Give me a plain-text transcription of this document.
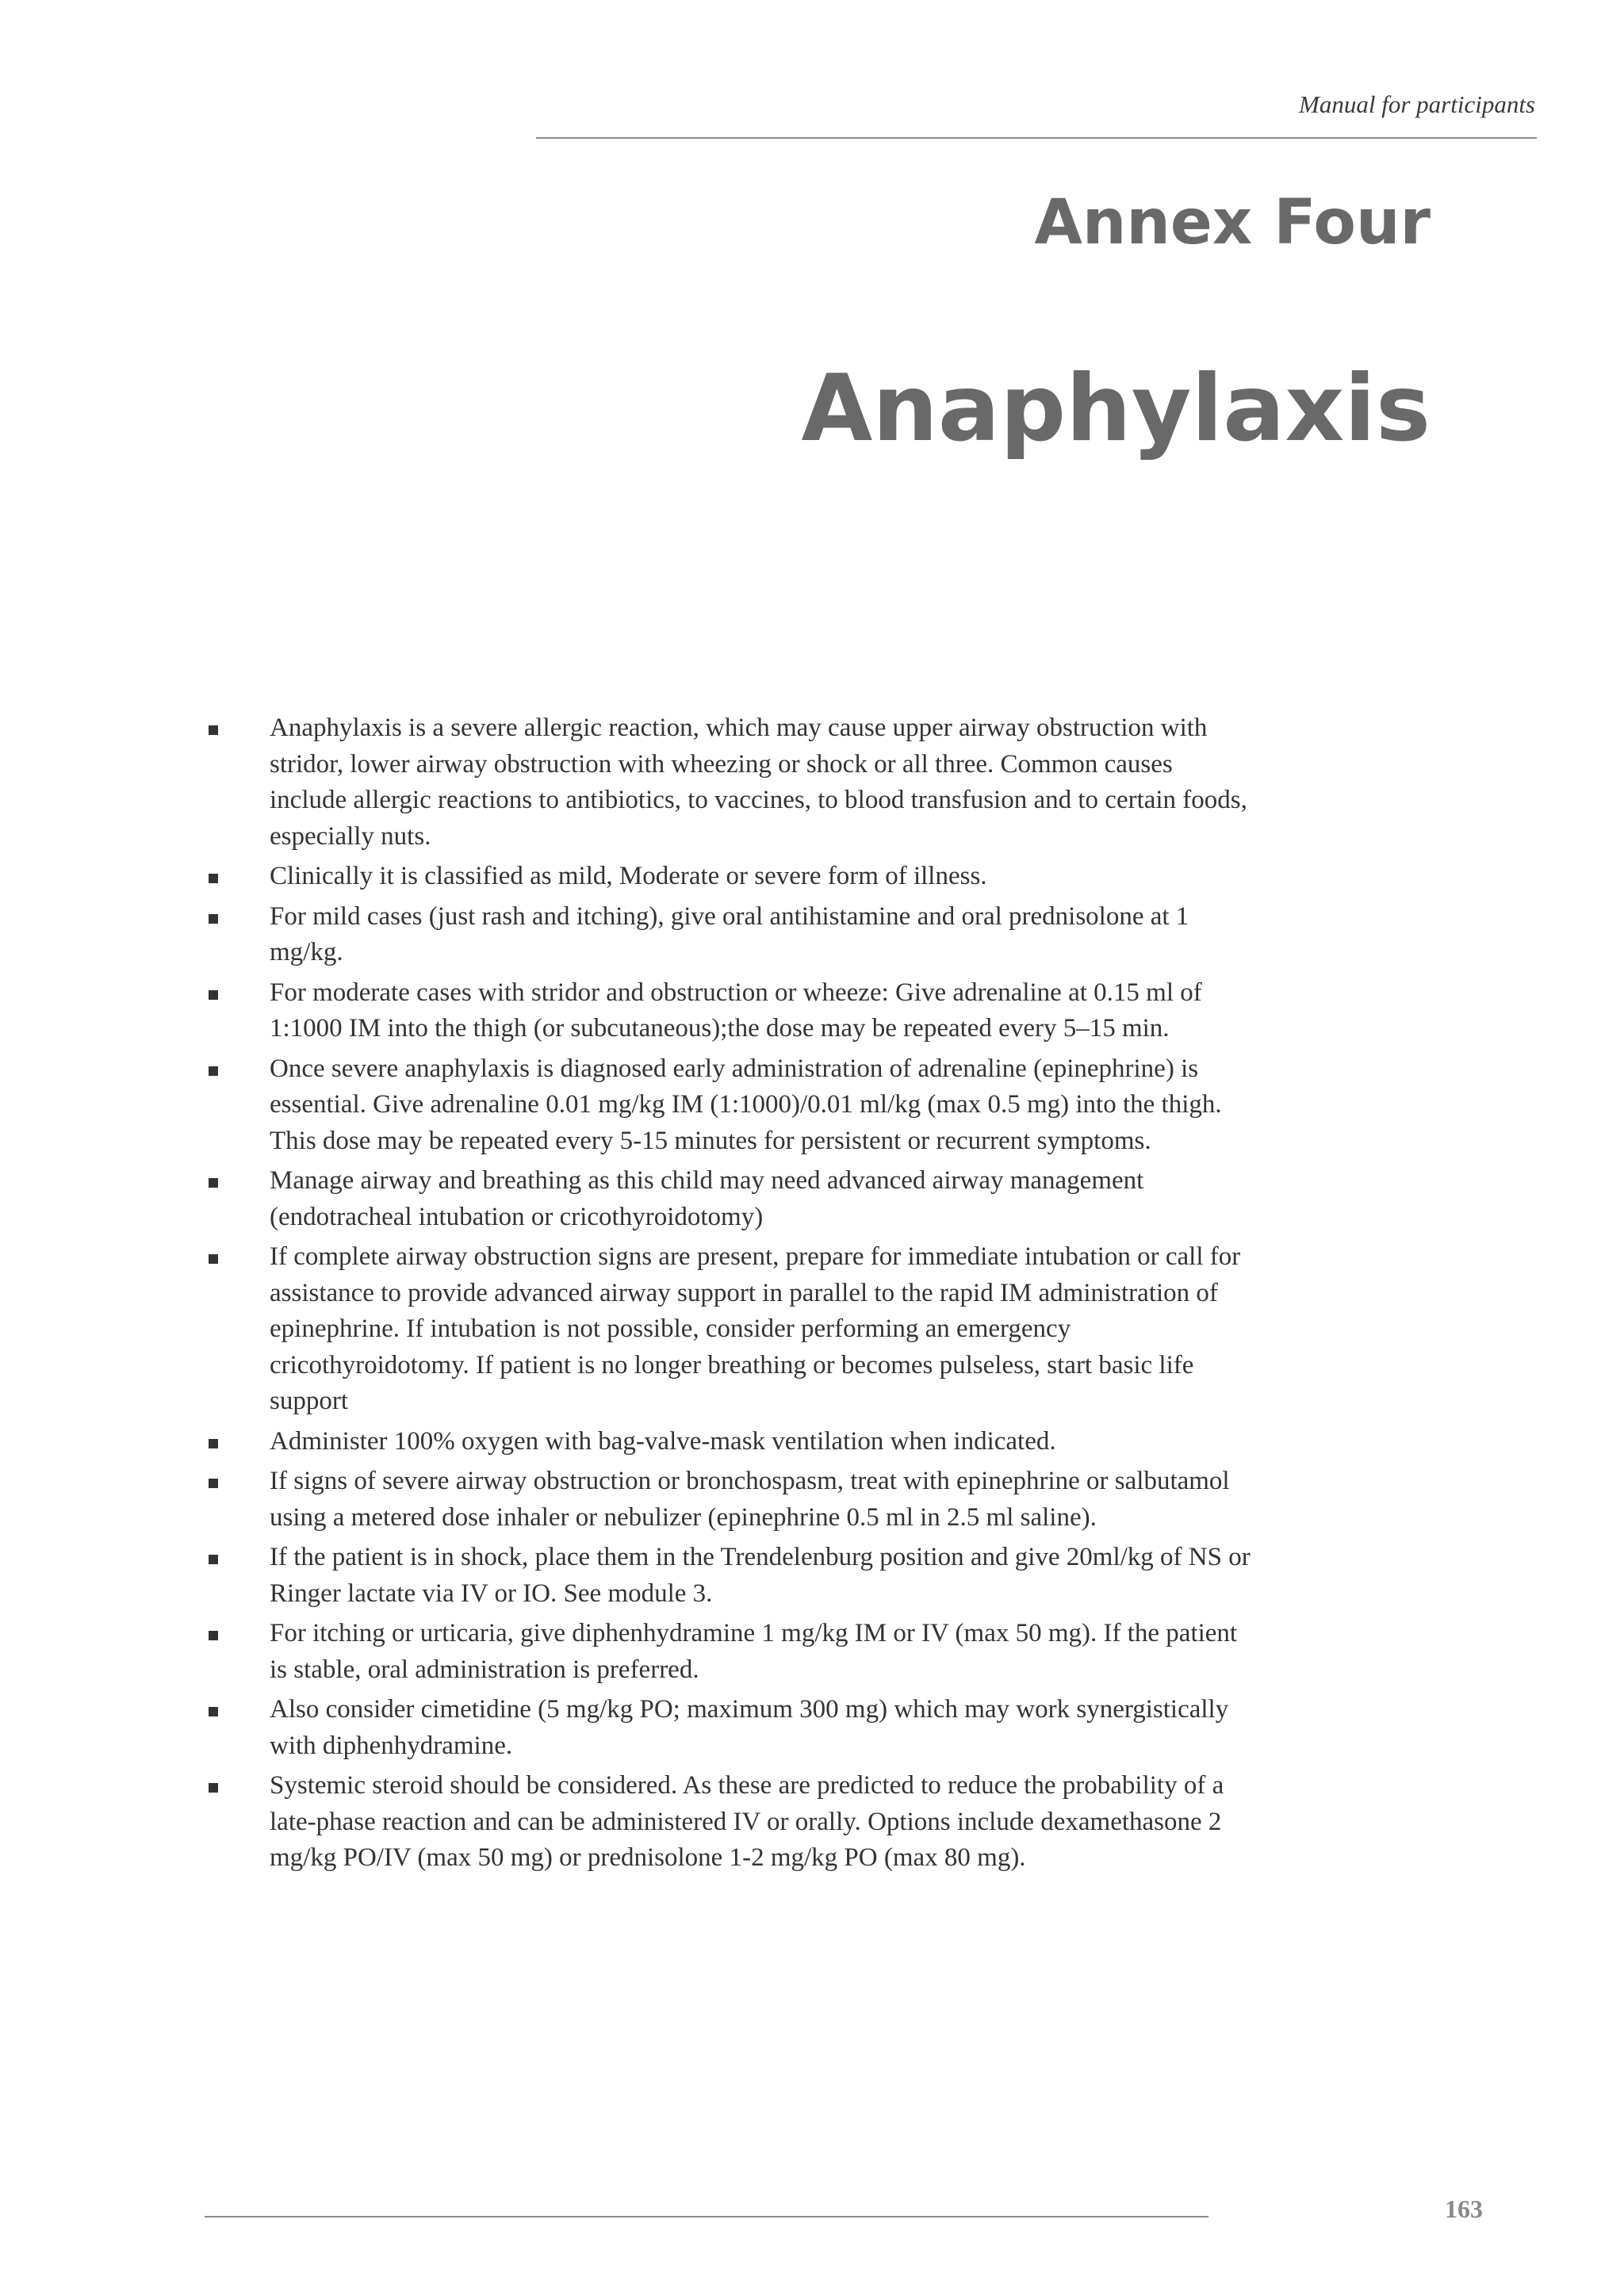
Manual for participants
Annex Four
Anaphylaxis
Anaphylaxis is a severe allergic reaction, which may cause upper airway obstruction with stridor, lower airway obstruction with wheezing or shock or all three. Common causes include allergic reactions to antibiotics, to vaccines, to blood transfusion and to certain foods, especially nuts.
Clinically it is classified as mild, Moderate or severe form of illness.
For mild cases (just rash and itching), give oral antihistamine and oral prednisolone at 1 mg/kg.
For moderate cases with stridor and obstruction or wheeze: Give adrenaline at 0.15 ml of 1:1000 IM into the thigh (or subcutaneous);the dose may be repeated every 5–15 min.
Once severe anaphylaxis is diagnosed early administration of adrenaline (epinephrine) is essential. Give adrenaline 0.01 mg/kg IM (1:1000)/0.01 ml/kg (max 0.5 mg) into the thigh. This dose may be repeated every 5-15 minutes for persistent or recurrent symptoms.
Manage airway and breathing as this child may need advanced airway management (endotracheal intubation or cricothyroidotomy)
If complete airway obstruction signs are present, prepare for immediate intubation or call for assistance to provide advanced airway support in parallel to the rapid IM administration of epinephrine. If intubation is not possible, consider performing an emergency cricothyroidotomy. If patient is no longer breathing or becomes pulseless, start basic life support
Administer 100% oxygen with bag-valve-mask ventilation when indicated.
If signs of severe airway obstruction or bronchospasm, treat with epinephrine or salbutamol using a metered dose inhaler or nebulizer (epinephrine 0.5 ml in 2.5 ml saline).
If the patient is in shock, place them in the Trendelenburg position and give 20ml/kg of NS or Ringer lactate via IV or IO. See module 3.
For itching or urticaria, give diphenhydramine 1 mg/kg IM or IV (max 50 mg). If the patient is stable, oral administration is preferred.
Also consider cimetidine (5 mg/kg PO; maximum 300 mg) which may work synergistically with diphenhydramine.
Systemic steroid should be considered. As these are predicted to reduce the probability of a late-phase reaction and can be administered IV or orally. Options include dexamethasone 2 mg/kg PO/IV (max 50 mg) or prednisolone 1-2 mg/kg PO (max 80 mg).
163
